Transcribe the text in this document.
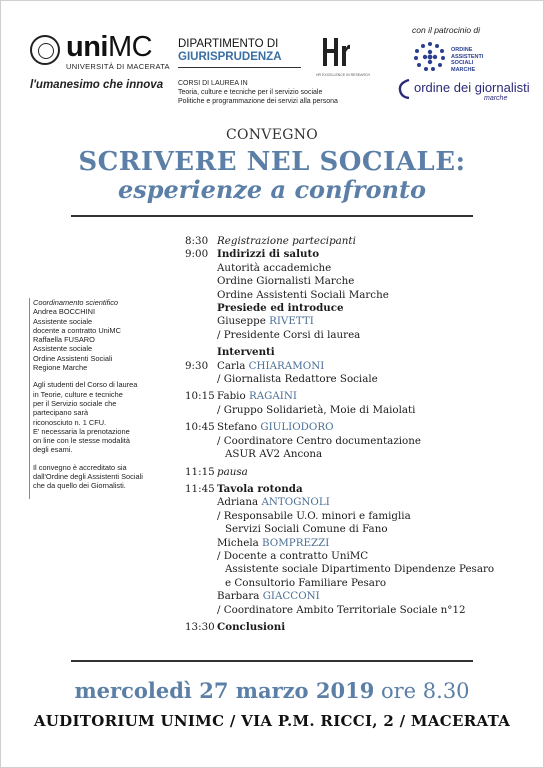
uniMC
UNIVERSITÀ DI MACERATA
l'umanesimo che innova
DIPARTIMENTO DI
GIURISPRUDENZA
CORSI DI LAUREA IN
Teoria, culture e tecniche per il servizio sociale
Politiche e programmazione dei servizi alla persona
HR EXCELLENCE IN RESEARCH
con il patrocinio di
ORDINE
ASSISTENTI
SOCIALI
MARCHE
ordine dei giornalisti
marche
CONVEGNO
SCRIVERE NEL SOCIALE:
esperienze a confronto
Coordinamento scientifico
Andrea BOCCHINI
Assistente sociale
docente a contratto UniMC
Raffaella FUSARO
Assistente sociale
Ordine Assistenti Sociali
Regione Marche
Agli studenti del Corso di laurea
in Teorie, culture e tecniche
per il Servizio sociale che
partecipano sarà
riconosciuto n. 1 CFU.
E' necessaria la prenotazione
on line con le stesse modalità
degli esami.
Il convegno è accreditato sia
dall'Ordine degli Assistenti Sociali
che da quello dei Giornalisti.
8:30 Registrazione partecipanti
9:00 Indirizzi di saluto
Autorità accademiche
Ordine Giornalisti Marche
Ordine Assistenti Sociali Marche
Presiede ed introduce
Giuseppe RIVETTI
/ Presidente Corsi di laurea
Interventi
9:30 Carla CHIARAMONI
/ Giornalista Redattore Sociale
10:15 Fabio RAGAINI
/ Gruppo Solidarietà, Moie di Maiolati
10:45 Stefano GIULIODORO
/ Coordinatore Centro documentazione
ASUR AV2 Ancona
11:15 pausa
11:45 Tavola rotonda
Adriana ANTOGNOLI
/ Responsabile U.O. minori e famiglia
Servizi Sociali Comune di Fano
Michela BOMPREZZI
/ Docente a contratto UniMC
Assistente sociale Dipartimento Dipendenze Pesaro
e Consultorio Familiare Pesaro
Barbara GIACCONI
/ Coordinatore Ambito Territoriale Sociale n°12
13:30 Conclusioni
mercoledì 27 marzo 2019 ore 8.30
AUDITORIUM UNIMC / VIA P.M. RICCI, 2 / MACERATA
